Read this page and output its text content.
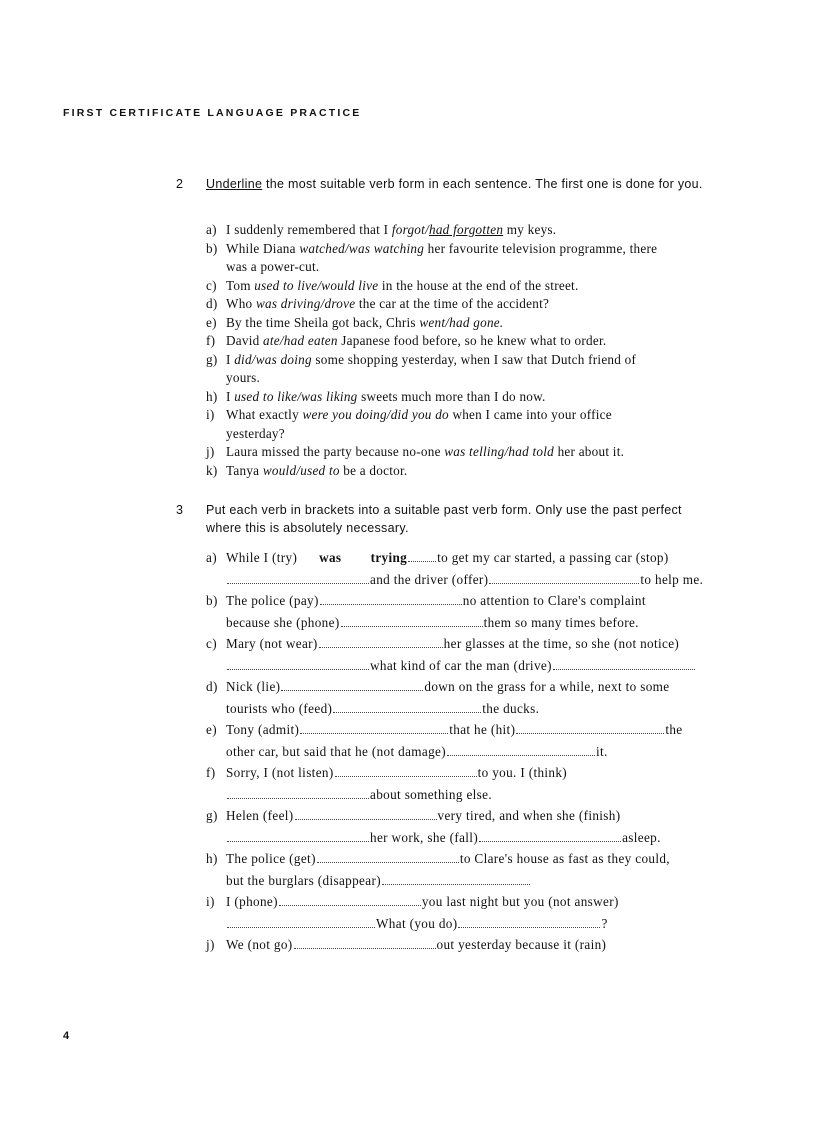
FIRST CERTIFICATE LANGUAGE PRACTICE
2 Underline the most suitable verb form in each sentence. The first one is done for you.
a) I suddenly remembered that I forgot/had forgotten my keys.
b) While Diana watched/was watching her favourite television programme, there
was a power-cut.
c) Tom used to live/would live in the house at the end of the street.
d) Who was driving/drove the car at the time of the accident?
e) By the time Sheila got back, Chris went/had gone.
f) David ate/had eaten Japanese food before, so he knew what to order.
g) I did/was doing some shopping yesterday, when I saw that Dutch friend of
yours.
h) I used to like/was liking sweets much more than I do now.
i) What exactly were you doing/did you do when I came into your office
yesterday?
j) Laura missed the party because no-one was telling/had told her about it.
k) Tanya would/used to be a doctor.
3 Put each verb in brackets into a suitable past verb form. Only use the past perfect where this is absolutely necessary.
a) While I (try) was trying to get my car started, a passing car (stop)
and the driver (offer)	to help me.
b) The police (pay)	no attention to Clare's complaint
because she (phone)	them so many times before.
c) Mary (not wear)	her glasses at the time, so she (not notice)
what kind of car the man (drive)
d) Nick (lie)	down on the grass for a while, next to some
tourists who (feed)	the ducks.
e) Tony (admit)	that he (hit)	the
other car, but said that he (not damage)	it.
f) Sorry, I (not listen)	to you. I (think)
about something else.
g) Helen (feel)	very tired, and when she (finish)
her work, she (fall)	asleep.
h) The police (get)	to Clare's house as fast as they could,
but the burglars (disappear)
i) I (phone)	you last night but you (not answer)
What (you do)	?
j) We (not go)	out yesterday because it (rain)
4
